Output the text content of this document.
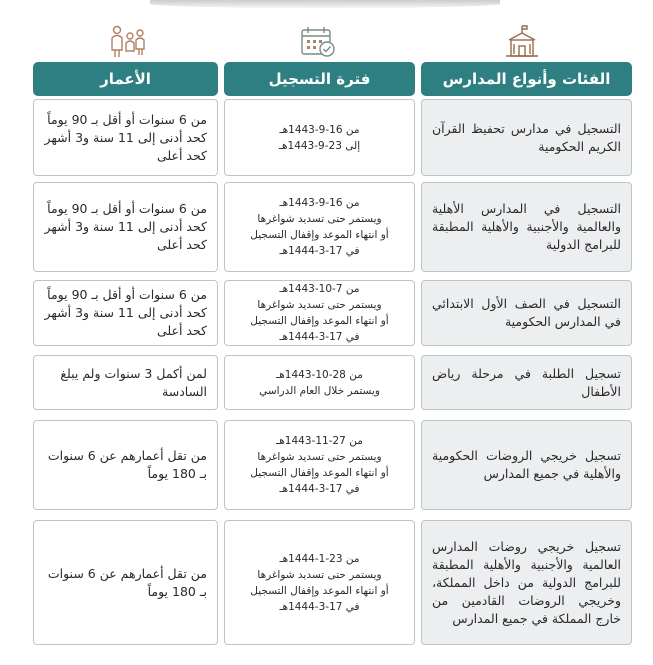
الفئات وأنواع المدارس
فترة التسجيل
الأعمار
التسجيل في مدارس تحفيظ القرآن الكريم الحكومية
من 16-9-1443هـ
إلى 23-9-1443هـ
من 6 سنوات أو أقل بـ 90 يوماً كحد أدنى إلى 11 سنة و3 أشهر كحد أعلى
التسجيل في المدارس الأهلية والعالمية والأجنبية والأهلية المطبقة للبرامج الدولية
من 16-9-1443هـ
ويستمر حتى تسديد شواغرها
أو انتهاء الموعد وإقفال التسجيل
في 17-3-1444هـ
من 6 سنوات أو أقل بـ 90 يوماً كحد أدنى إلى 11 سنة و3 أشهر كحد أعلى
التسجيل في الصف الأول الابتدائي في المدارس الحكومية
من 7-10-1443هـ
ويستمر حتى تسديد شواغرها
أو انتهاء الموعد وإقفال التسجيل
في 17-3-1444هـ
من 6 سنوات أو أقل بـ 90 يوماً كحد أدنى إلى 11 سنة و3 أشهر كحد أعلى
تسجيل الطلبة في مرحلة رياض الأطفال
من 28-10-1443هـ
ويستمر خلال العام الدراسي
لمن أكمل 3 سنوات ولم يبلغ السادسة
تسجيل خريجي الروضات الحكومية والأهلية في جميع المدارس
من 27-11-1443هـ
ويستمر حتى تسديد شواغرها
أو انتهاء الموعد وإقفال التسجيل
في 17-3-1444هـ
من تقل أعمارهم عن 6 سنوات بـ 180 يوماً
تسجيل خريجي روضات المدارس العالمية والأجنبية والأهلية المطبقة للبرامج الدولية من داخل المملكة، وخريجي الروضات القادمين من خارج المملكة في جميع المدارس
من 23-1-1444هـ
ويستمر حتى تسديد شواغرها
أو انتهاء الموعد وإقفال التسجيل
في 17-3-1444هـ
من تقل أعمارهم عن 6 سنوات بـ 180 يوماً
